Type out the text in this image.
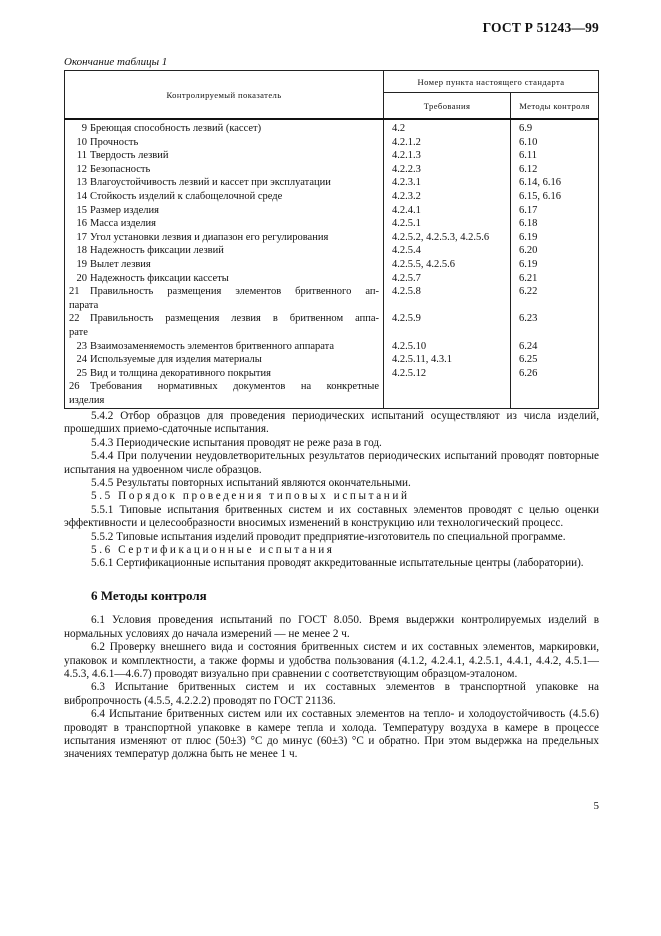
ГОСТ Р 51243—99
Окончание таблицы 1
Контролируемый показатель	Номер пункта настоящего стандарта	
	Требования	Методы контроля
9 Бреющая способность лезвий (кассет)	4.2	6.9
10 Прочность	4.2.1.2	6.10
11 Твердость лезвий	4.2.1.3	6.11
12 Безопасность	4.2.2.3	6.12
13 Влагоустойчивость лезвий и кассет при эксплуатации	4.2.3.1	6.14, 6.16
14 Стойкость изделий к слабощелочной среде	4.2.3.2	6.15, 6.16
15 Размер изделия	4.2.4.1	6.17
16 Масса изделия	4.2.5.1	6.18
17 Угол установки лезвия и диапазон его регулирования	4.2.5.2, 4.2.5.3, 4.2.5.6	6.19
18 Надежность фиксации лезвий	4.2.5.4	6.20
19 Вылет лезвия	4.2.5.5, 4.2.5.6	6.19
20 Надежность фиксации кассеты	4.2.5.7	6.21

21 Правильность размещения элементов бритвенного ап-
парата	4.2.5.8	6.22

22 Правильность размещения лезвия в бритвенном аппа-
рате	4.2.5.9	6.23
23 Взаимозаменяемость элементов бритвенного аппарата	4.2.5.10	6.24
24 Используемые для изделия материалы	4.2.5.11, 4.3.1	6.25
25 Вид и толщина декоративного покрытия	4.2.5.12	6.26

26 Требования нормативных документов на конкретные
изделия		

5.4.2 Отбор образцов для проведения периодических испытаний осуществляют из числа изделий, прошедших приемо-сдаточные испытания.

5.4.3 Периодические испытания проводят не реже раза в год.

5.4.4 При получении неудовлетворительных результатов периодических испытаний проводят повторные испытания на удвоенном числе образцов.

5.4.5 Результаты повторных испытаний являются окончательными.

5.5 Порядок проведения типовых испытаний

5.5.1 Типовые испытания бритвенных систем и их составных элементов проводят с целью оценки эффективности и целесообразности вносимых изменений в конструкцию или технологический процесс.

5.5.2 Типовые испытания изделий проводит предприятие-изготовитель по специальной программе.

5.6 Сертификационные испытания

5.6.1 Сертификационные испытания проводят аккредитованные испытательные центры (лаборатории).

6 Методы контроля

6.1 Условия проведения испытаний по ГОСТ 8.050. Время выдержки контролируемых изделий в нормальных условиях до начала измерений — не менее 2 ч.

6.2 Проверку внешнего вида и состояния бритвенных систем и их составных элементов, маркировки, упаковок и комплектности, а также формы и удобства пользования (4.1.2, 4.2.4.1, 4.2.5.1, 4.4.1, 4.4.2, 4.5.1—4.5.3, 4.6.1—4.6.7) проводят визуально при сравнении с соответствующим образцом-эталоном.

6.3 Испытание бритвенных систем и их составных элементов в транспортной упаковке на вибропрочность (4.5.5, 4.2.2.2) проводят по ГОСТ 21136.

6.4 Испытание бритвенных систем или их составных элементов на тепло- и холодоустойчивость (4.5.6) проводят в транспортной упаковке в камере тепла и холода. Температуру воздуха в камере в процессе испытания изменяют от плюс (50±3) °С до минус (60±3) °С и обратно. При этом выдержка на предельных значениях температур должна быть не менее 1 ч.

5
